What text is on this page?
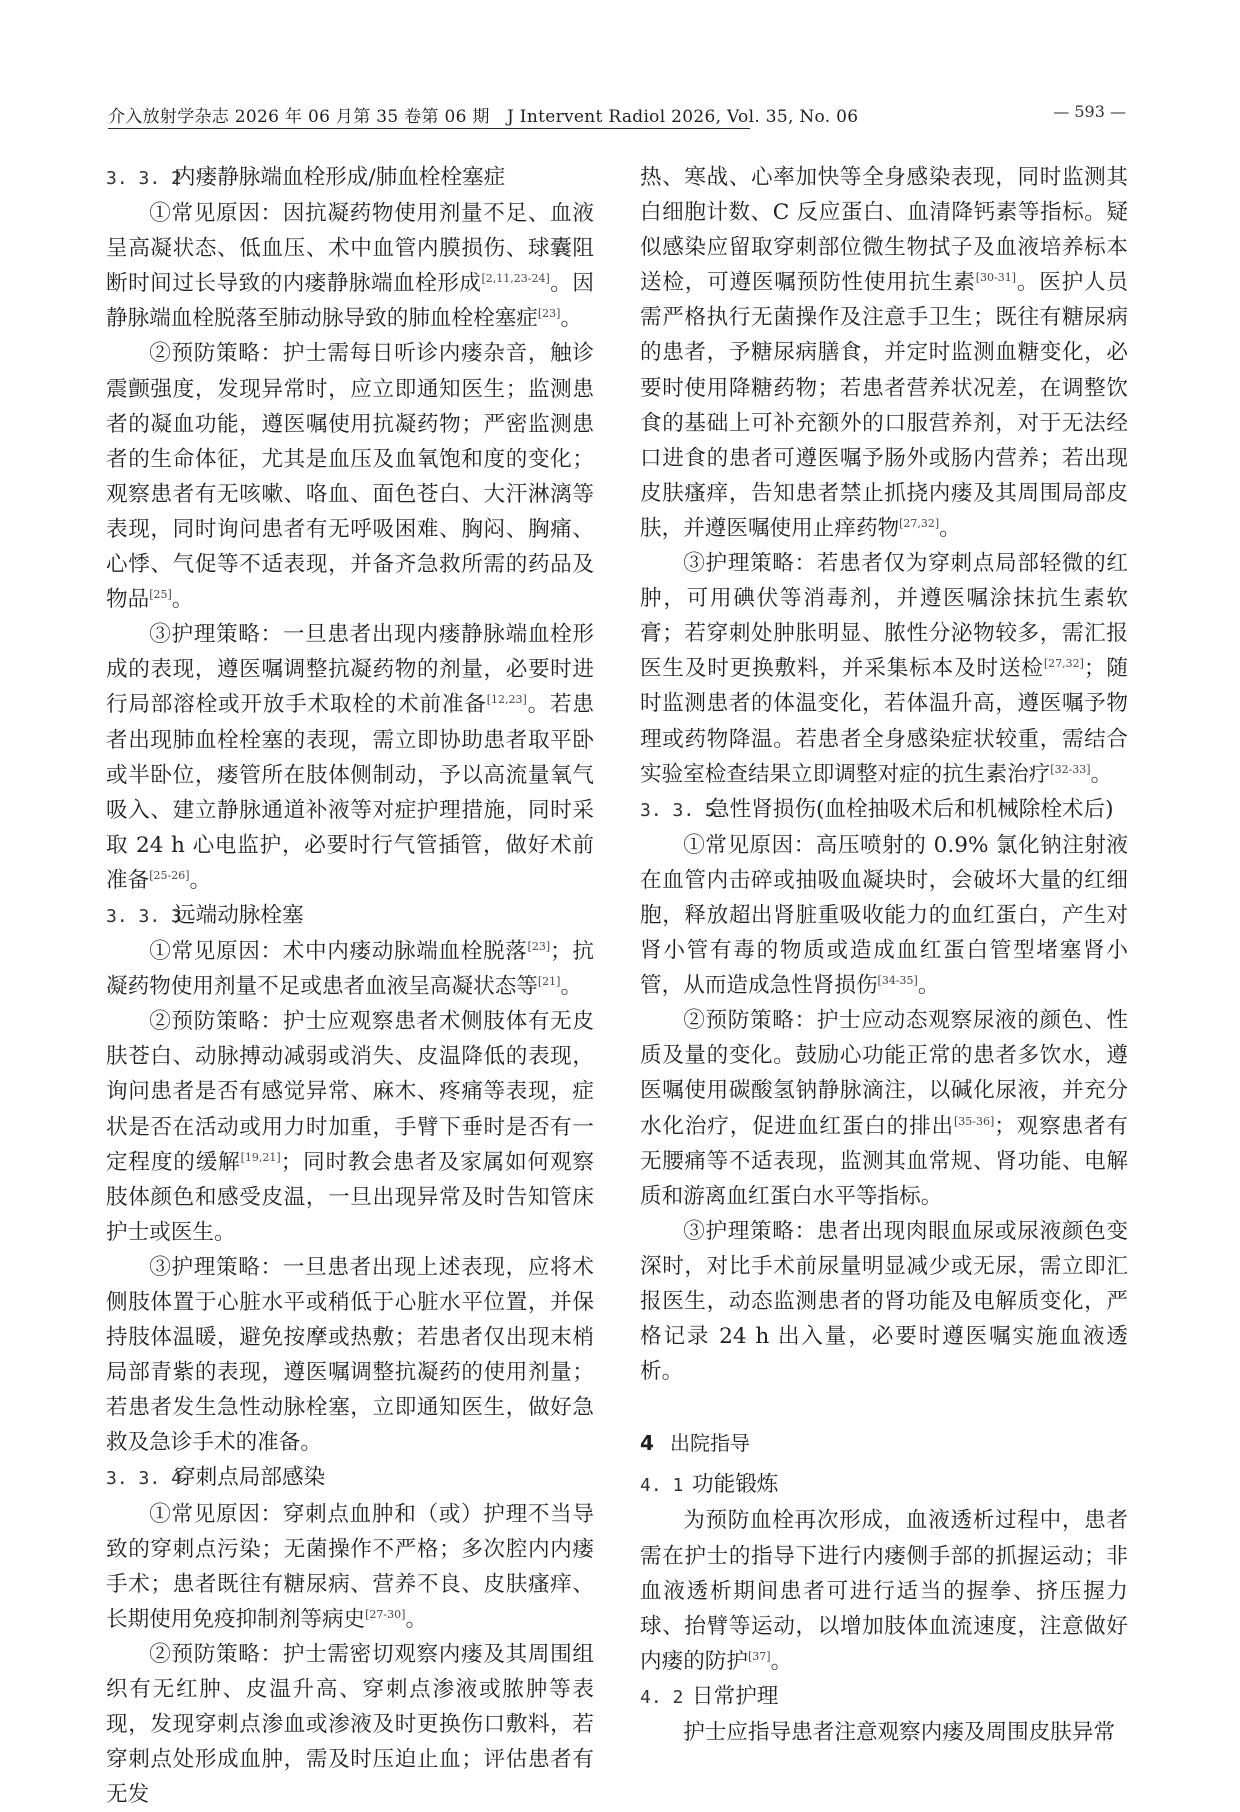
介入放射学杂志 2026 年 06 月第 35 卷第 06 期　J Intervent Radiol 2026, Vol. 35, No. 06	— 593 —
3. 3. 2内瘘静脉端血栓形成/肺血栓栓塞症

①常见原因：因抗凝药物使用剂量不足、血液呈高凝状态、低血压、术中血管内膜损伤、球囊阻断时间过长导致的内瘘静脉端血栓形成[2,11,23-24]。因静脉端血栓脱落至肺动脉导致的肺血栓栓塞症[23]。

②预防策略：护士需每日听诊内瘘杂音，触诊震颤强度，发现异常时，应立即通知医生；监测患者的凝血功能，遵医嘱使用抗凝药物；严密监测患者的生命体征，尤其是血压及血氧饱和度的变化；观察患者有无咳嗽、咯血、面色苍白、大汗淋漓等表现，同时询问患者有无呼吸困难、胸闷、胸痛、心悸、气促等不适表现，并备齐急救所需的药品及物品[25]。

③护理策略：一旦患者出现内瘘静脉端血栓形成的表现，遵医嘱调整抗凝药物的剂量，必要时进行局部溶栓或开放手术取栓的术前准备[12,23]。若患者出现肺血栓栓塞的表现，需立即协助患者取平卧或半卧位，瘘管所在肢体侧制动，予以高流量氧气吸入、建立静脉通道补液等对症护理措施，同时采取 24 h 心电监护，必要时行气管插管，做好术前准备[25-26]。

3. 3. 3远端动脉栓塞

①常见原因：术中内瘘动脉端血栓脱落[23]；抗凝药物使用剂量不足或患者血液呈高凝状态等[21]。

②预防策略：护士应观察患者术侧肢体有无皮肤苍白、动脉搏动减弱或消失、皮温降低的表现，询问患者是否有感觉异常、麻木、疼痛等表现，症状是否在活动或用力时加重，手臂下垂时是否有一定程度的缓解[19,21]；同时教会患者及家属如何观察肢体颜色和感受皮温，一旦出现异常及时告知管床护士或医生。

③护理策略：一旦患者出现上述表现，应将术侧肢体置于心脏水平或稍低于心脏水平位置，并保持肢体温暖，避免按摩或热敷；若患者仅出现末梢局部青紫的表现，遵医嘱调整抗凝药的使用剂量；若患者发生急性动脉栓塞，立即通知医生，做好急救及急诊手术的准备。

3. 3. 4穿刺点局部感染

①常见原因：穿刺点血肿和（或）护理不当导致的穿刺点污染；无菌操作不严格；多次腔内内瘘手术；患者既往有糖尿病、营养不良、皮肤瘙痒、长期使用免疫抑制剂等病史[27-30]。

②预防策略：护士需密切观察内瘘及其周围组织有无红肿、皮温升高、穿刺点渗液或脓肿等表现，发现穿刺点渗血或渗液及时更换伤口敷料，若穿刺点处形成血肿，需及时压迫止血；评估患者有无发

热、寒战、心率加快等全身感染表现，同时监测其白细胞计数、C 反应蛋白、血清降钙素等指标。疑似感染应留取穿刺部位微生物拭子及血液培养标本送检，可遵医嘱预防性使用抗生素[30-31]。医护人员需严格执行无菌操作及注意手卫生；既往有糖尿病的患者，予糖尿病膳食，并定时监测血糖变化，必要时使用降糖药物；若患者营养状况差，在调整饮食的基础上可补充额外的口服营养剂，对于无法经口进食的患者可遵医嘱予肠外或肠内营养；若出现皮肤瘙痒，告知患者禁止抓挠内瘘及其周围局部皮肤，并遵医嘱使用止痒药物[27,32]。

③护理策略：若患者仅为穿刺点局部轻微的红肿，可用碘伏等消毒剂，并遵医嘱涂抹抗生素软膏；若穿刺处肿胀明显、脓性分泌物较多，需汇报医生及时更换敷料，并采集标本及时送检[27,32]；随时监测患者的体温变化，若体温升高，遵医嘱予物理或药物降温。若患者全身感染症状较重，需结合实验室检查结果立即调整对症的抗生素治疗[32-33]。

3. 3. 5急性肾损伤(血栓抽吸术后和机械除栓术后)

①常见原因：高压喷射的 0.9% 氯化钠注射液在血管内击碎或抽吸血凝块时，会破坏大量的红细胞，释放超出肾脏重吸收能力的血红蛋白，产生对肾小管有毒的物质或造成血红蛋白管型堵塞肾小管，从而造成急性肾损伤[34-35]。

②预防策略：护士应动态观察尿液的颜色、性质及量的变化。鼓励心功能正常的患者多饮水，遵医嘱使用碳酸氢钠静脉滴注，以碱化尿液，并充分水化治疗，促进血红蛋白的排出[35-36]；观察患者有无腰痛等不适表现，监测其血常规、肾功能、电解质和游离血红蛋白水平等指标。

③护理策略：患者出现肉眼血尿或尿液颜色变深时，对比手术前尿量明显减少或无尿，需立即汇报医生，动态监测患者的肾功能及电解质变化，严格记录 24 h 出入量，必要时遵医嘱实施血液透析。

4 出院指导
4. 1 功能锻炼

为预防血栓再次形成，血液透析过程中，患者需在护士的指导下进行内瘘侧手部的抓握运动；非血液透析期间患者可进行适当的握拳、挤压握力球、抬臂等运动，以增加肢体血流速度，注意做好内瘘的防护[37]。

4. 2 日常护理

护士应指导患者注意观察内瘘及周围皮肤异常
